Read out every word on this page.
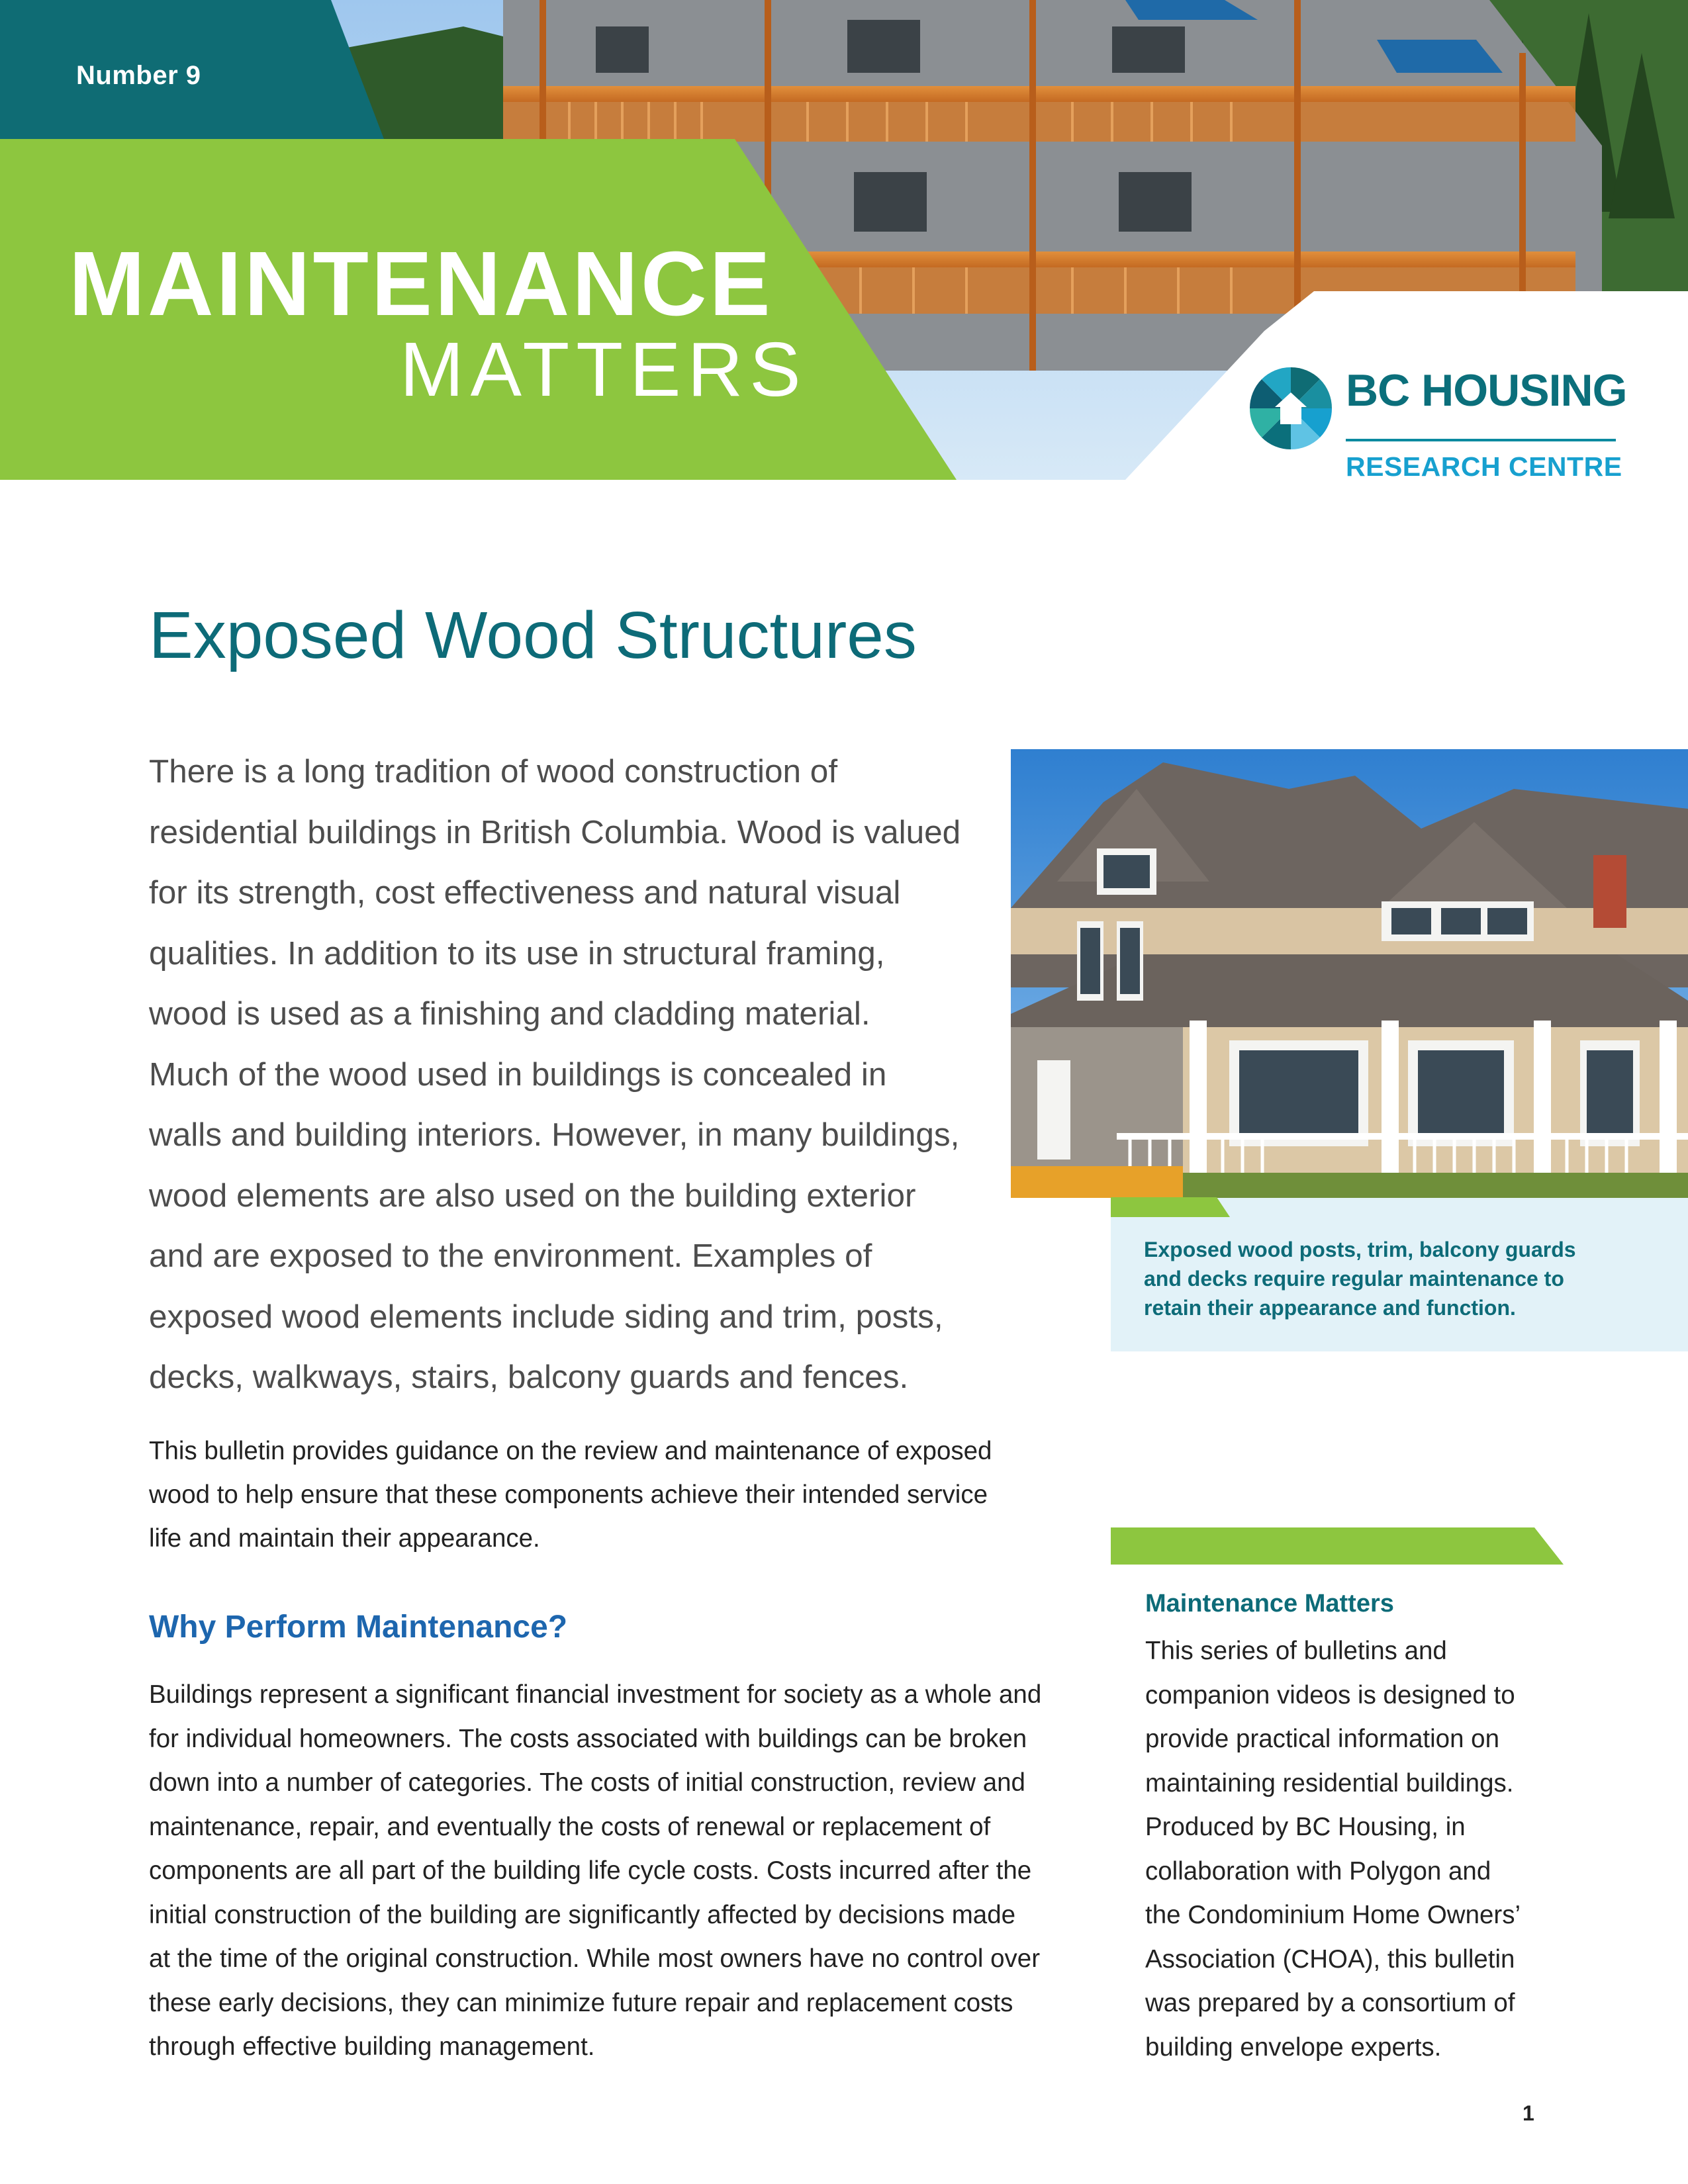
Number 9
MAINTENANCE
MATTERS	BC HOUSING
RESEARCH CENTRE
Exposed Wood Structures
There is a long tradition of wood construction of
residential buildings in British Columbia. Wood is valued
for its strength, cost effectiveness and natural visual
qualities. In addition to its use in structural framing,
wood is used as a finishing and cladding material.
Much of the wood used in buildings is concealed in
walls and building interiors. However, in many buildings,
wood elements are also used on the building exterior
and are exposed to the environment. Examples of
exposed wood elements include siding and trim, posts,
decks, walkways, stairs, balcony guards and fences.
This bulletin provides guidance on the review and maintenance of exposed
wood to help ensure that these components achieve their intended service
life and maintain their appearance.
Why Perform Maintenance?
Buildings represent a significant financial investment for society as a whole and
for individual homeowners. The costs associated with buildings can be broken
down into a number of categories. The costs of initial construction, review and
maintenance, repair, and eventually the costs of renewal or replacement of
components are all part of the building life cycle costs. Costs incurred after the
initial construction of the building are significantly affected by decisions made
at the time of the original construction. While most owners have no control over
these early decisions, they can minimize future repair and replacement costs
through effective building management.
Exposed wood posts, trim, balcony guards
and decks require regular maintenance to
retain their appearance and function.
Maintenance Matters
This series of bulletins and
companion videos is designed to
provide practical information on
maintaining residential buildings.
Produced by BC Housing, in
collaboration with Polygon and
the Condominium Home Owners’
Association (CHOA), this bulletin
was prepared by a consortium of
building envelope experts.
1
